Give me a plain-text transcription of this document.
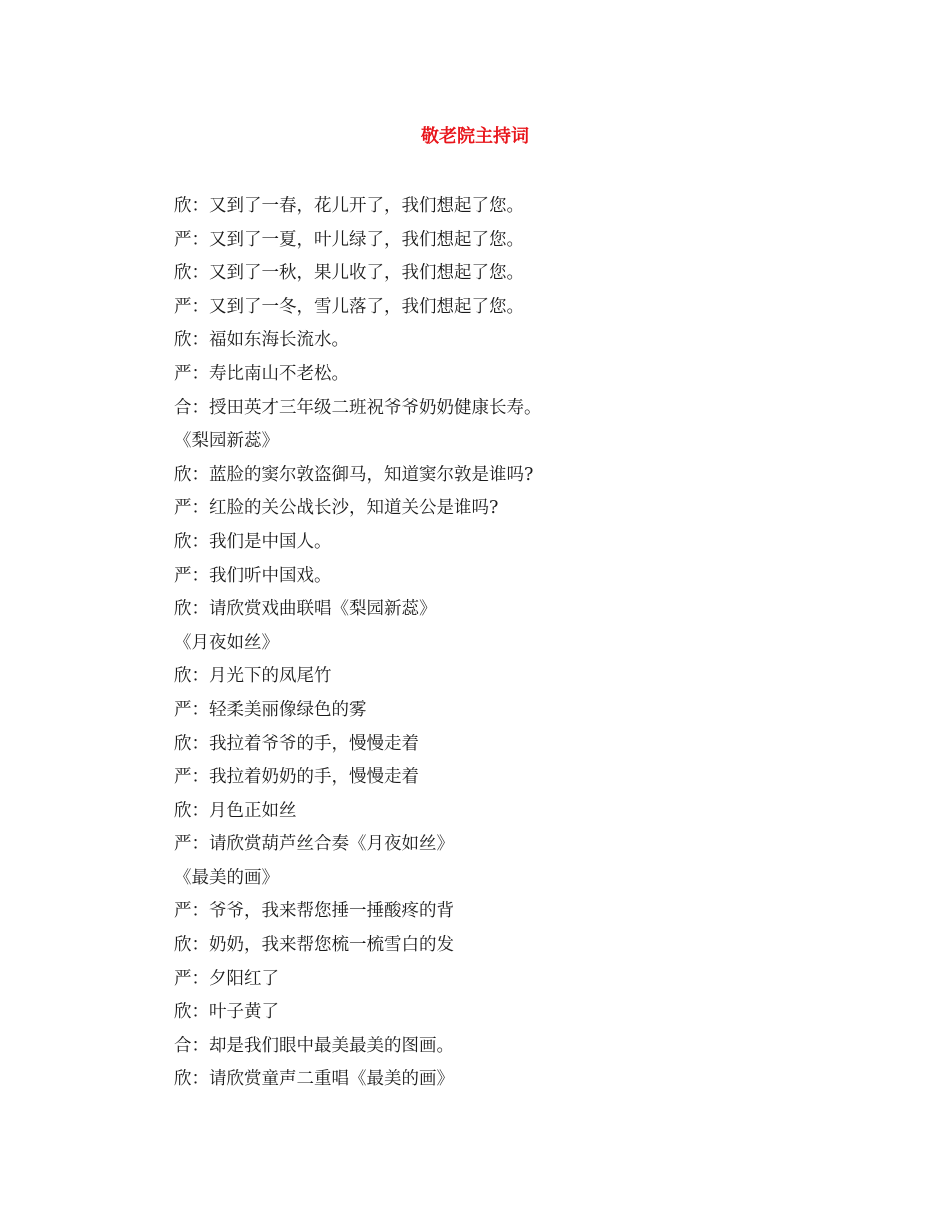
敬老院主持词
欣：又到了一春，花儿开了，我们想起了您。
严：又到了一夏，叶儿绿了，我们想起了您。
欣：又到了一秋，果儿收了，我们想起了您。
严：又到了一冬，雪儿落了，我们想起了您。
欣：福如东海长流水。
严：寿比南山不老松。
合：授田英才三年级二班祝爷爷奶奶健康长寿。
《梨园新蕊》
欣：蓝脸的窦尔敦盗御马，知道窦尔敦是谁吗?
严：红脸的关公战长沙，知道关公是谁吗?
欣：我们是中国人。
严：我们听中国戏。
欣：请欣赏戏曲联唱《梨园新蕊》
《月夜如丝》
欣：月光下的凤尾竹
严：轻柔美丽像绿色的雾
欣：我拉着爷爷的手，慢慢走着
严：我拉着奶奶的手，慢慢走着
欣：月色正如丝
严：请欣赏葫芦丝合奏《月夜如丝》
《最美的画》
严：爷爷，我来帮您捶一捶酸疼的背
欣：奶奶，我来帮您梳一梳雪白的发
严：夕阳红了
欣：叶子黄了
合：却是我们眼中最美最美的图画。
欣：请欣赏童声二重唱《最美的画》
